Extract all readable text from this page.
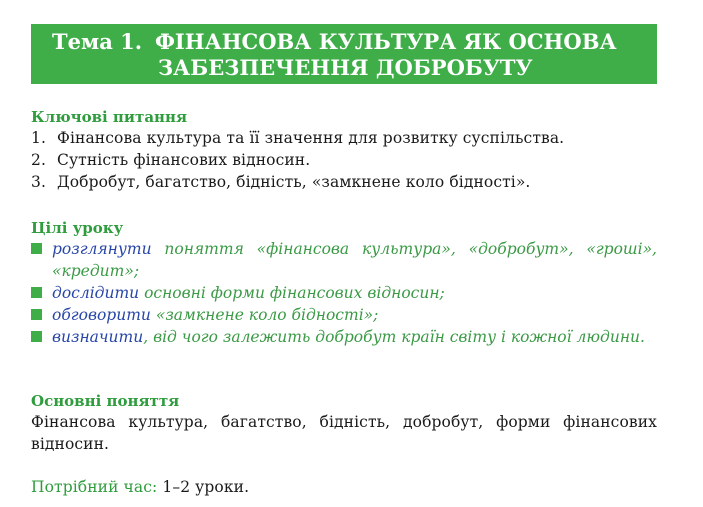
Тема 1. ФІНАНСОВА КУЛЬТУРА ЯК ОСНОВА
ЗАБЕЗПЕЧЕННЯ ДОБРОБУТУ
Ключові питання
1. Фінансова культура та її значення для розвитку суспільства.
2. Сутність фінансових відносин.
3. Добробут, багатство, бідність, «замкнене коло бідності».
Цілі уроку
розглянути поняття «фінансова культура», «добробут», «гроші», «кредит»;
дослідити основні форми фінансових відносин;
обговорити «замкнене коло бідності»;
визначити, від чого залежить добробут країн світу і кожної людини.
Основні поняття
Фінансова культура, багатство, бідність, добробут, форми фінансових відносин.
Потрібний час: 1–2 уроки.
